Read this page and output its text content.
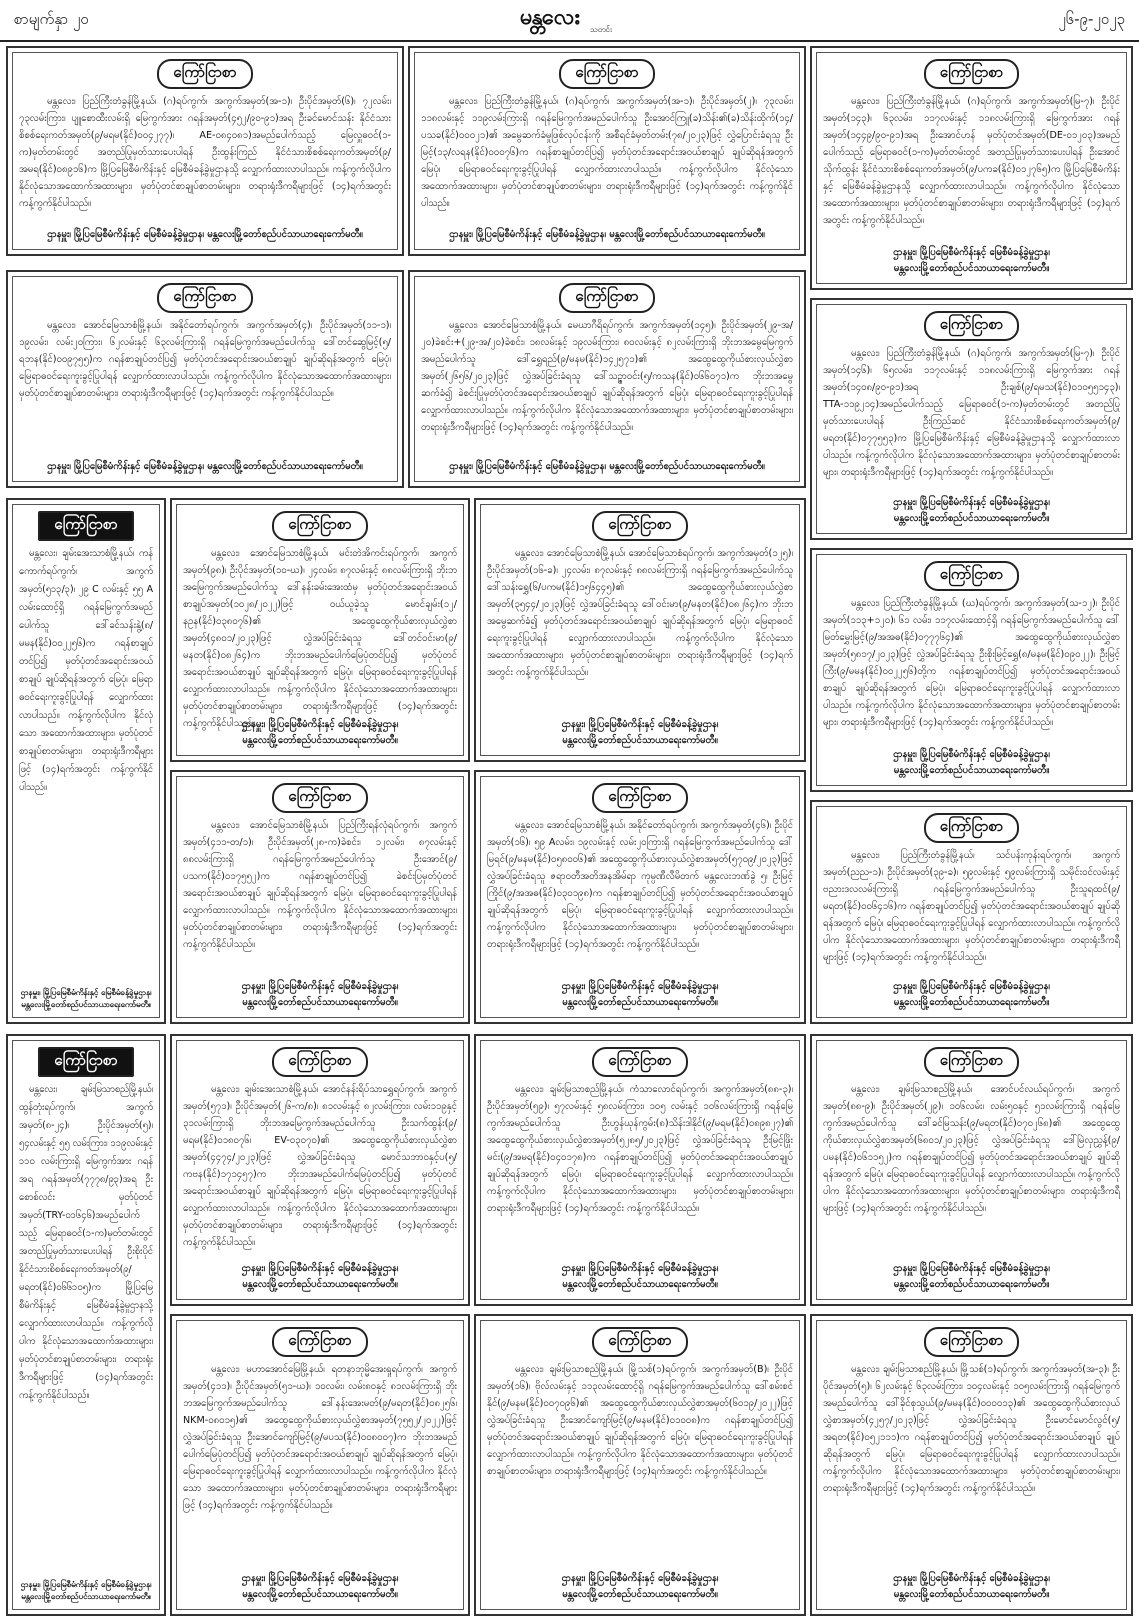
စာမျက်နှာ ၂၀	မန္တလေး သတင်း
၂၆-၉-၂၀၂၃
ကြော်ငြာစာ
မန္တလေး၊ ပြည်ကြီးတံခွန်မြို့နယ်၊ (ဂ)ရပ်ကွက်၊ အကွက်အမှတ်(အ-၁)၊ ဦးပိုင်အမှတ်(၆)၊ ၇၂လမ်း၊ ၇၃လမ်းကြား၊ ပျူစောထီးလမ်းရှိ မြေကွက်အား ဂရန်အမှတ်(၄၅၂/၉၀-၉၁)အရ ဦးခင်မောင်သန်း နိုင်ငံသားစိစစ်ရေးကတ်အမှတ်(၉/မရမ(နိုင်)၀၀၄၂၇၇)၊ AE-၀၈၄၀၈၁)အမည်ပေါက်သည့် မြေလှူဓ၀င်(၁-က)မှတ်တမ်းတွင် အတည်ပြုမှတ်သားပေးပါရန် ဦးထွန်းကြည် နိုင်ငံသားစိစစ်ရေးကတ်အမှတ်(၉/အမရ(နိုင်)၀၈၉၁၆)က မြို့ပြမြေစီမံကိန်းနှင့် မြေစီမံခန့်ခွဲမှုဌာနသို့ လျှောက်ထားလာပါသည်။ ကန့်ကွက်လိုပါက နိုင်လုံသောအထောက်အထားများ၊ မှတ်ပုံတင်စာချုပ်စာတမ်းများ၊ တရားရုံးဒီကရီများဖြင့် (၁၄)ရက်အတွင်း ကန့်ကွက်နိုင်ပါသည်။
ဌာနမှူး၊ မြို့ပြမြေစီမံကိန်းနှင့် မြေစီမံခန့်ခွဲမှုဌာန၊ မန္တလေးမြို့တော်စည်ပင်သာယာရေးကော်မတီ။
ကြော်ငြာစာ
မန္တလေး၊ ပြည်ကြီးတံခွန်မြို့နယ်၊ (ဂ)ရပ်ကွက်၊ အကွက်အမှတ်(အ-၁)၊ ဦးပိုင်အမှတ်(၂)၊ ၇၃လမ်း၊ ၁၁၈လမ်းနှင့် ၁၁၉လမ်းကြားရှိ ဂရန်မြေကွက်အမည်ပေါက်သူ ဦးအောင်ကြူ(ခ)သိန်း၏(ခ)သိန်းထိုက်(၁၄/ပသခ(နိုင်)၀၀၀၂၁)၏ အမွေဆက်ခံမှုဖြစ်လုပ်ငန်းကို အစီရင်ခံမှတ်တမ်း(၇၈/၂၀၂၃)ဖြင့် လွှဲပြောင်းခံရသူ ဦးမြင့်(၁၃/လရန(နိုင်)၀၀၀၇၆)က ဂရန်စာချုပ်တင်ပြ၍ မှတ်ပုံတင်အရောင်းအဝယ်စာချုပ် ချုပ်ဆိုရန်အတွက် မြေပုံ၊ မြေရာဓ၀င်ရေးကူးခွင့်ပြုပါရန် လျှောက်ထားလာပါသည်။ ကန့်ကွက်လိုပါက နိုင်လုံသောအထောက်အထားများ၊ မှတ်ပုံတင်စာချုပ်စာတမ်းများ၊ တရားရုံးဒီကရီများဖြင့် (၁၄)ရက်အတွင်း ကန့်ကွက်နိုင်ပါသည်။
ဌာနမှူး၊ မြို့ပြမြေစီမံကိန်းနှင့် မြေစီမံခန့်ခွဲမှုဌာန၊ မန္တလေးမြို့တော်စည်ပင်သာယာရေးကော်မတီ။
ကြော်ငြာစာ
မန္တလေး၊ ပြည်ကြီးတံခွန်မြို့နယ်၊ (ဂ)ရပ်ကွက်၊ အကွက်အမှတ်(မြ-၇)၊ ဦးပိုင်အမှတ်(၁၄၃)၊ ၆၃လမ်း၊ ၁၁၇လမ်းနှင့် ၁၁၈လမ်းကြားရှိ မြေကွက်အား ဂရန်အမှတ်(၁၄၄၉/၉၀-၉၁)အရ ဦးအောင်ဟန် မှတ်ပုံတင်အမှတ်(DE-၀၁၂၀၃)အမည်ပေါက်သည့် မြေရာဓ၀င်(၁-က)မှတ်တမ်းတွင် အတည်ပြုမှတ်သားပေးပါရန် ဦးအောင်သိုက်ထွန်း နိုင်ငံသားစိစစ်ရေးကတ်အမှတ်(၉/ပကခ(နိုင်)၀၁၂၇၆၅)က မြို့ပြမြေစီမံကိန်းနှင့် မြေစီမံခန့်ခွဲမှုဌာနသို့ လျှောက်ထားလာပါသည်။ ကန့်ကွက်လိုပါက နိုင်လုံသောအထောက်အထားများ၊ မှတ်ပုံတင်စာချုပ်စာတမ်းများ၊ တရားရုံးဒီကရီများဖြင့် (၁၄)ရက်အတွင်း ကန့်ကွက်နိုင်ပါသည်။
ဌာနမှူး၊ မြို့ပြမြေစီမံကိန်းနှင့် မြေစီမံခန့်ခွဲမှုဌာန၊
မန္တလေးမြို့တော်စည်ပင်သာယာရေးကော်မတီ။
ကြော်ငြာစာ
မန္တလေး၊ အောင်မြေသာစံမြို့နယ်၊ အနိုင်တော်ရပ်ကွက်၊ အကွက်အမှတ်(၄)၊ ဦးပိုင်အမှတ်(၁၁-၁)၊ ၁၉လမ်း၊ လမ်း၂၀ကြား၊ ၆၂လမ်းနှင့် ၆၃လမ်းကြားရှိ ဂရန်မြေကွက်အမည်ပေါက်သူ ဒေါ်တင်ဆွေမြင့်(၅/ရဘန(နိုင်)၀၀၉၇၅၅)က ဂရန်စာချုပ်တင်ပြ၍ မှတ်ပုံတင်အရောင်းအဝယ်စာချုပ် ချုပ်ဆိုရန်အတွက် မြေပုံ၊ မြေရာဓ၀င်ရေးကူးခွင့်ပြုပါရန် လျှောက်ထားလာပါသည်။ ကန့်ကွက်လိုပါက နိုင်လုံသောအထောက်အထားများ၊ မှတ်ပုံတင်စာချုပ်စာတမ်းများ၊ တရားရုံးဒီကရီများဖြင့် (၁၄)ရက်အတွင်း ကန့်ကွက်နိုင်ပါသည်။
ဌာနမှူး၊ မြို့ပြမြေစီမံကိန်းနှင့် မြေစီမံခန့်ခွဲမှုဌာန၊ မန္တလေးမြို့တော်စည်ပင်သာယာရေးကော်မတီ။
ကြော်ငြာစာ
မန္တလေး၊ အောင်မြေသာစံမြို့နယ်၊ မေဃာဂီရိရပ်ကွက်၊ အကွက်အမှတ်(၁၄၅)၊ ဦးပိုင်အမှတ်(၂၉-အ/၂၀)ခဲစင်း+(၂၉-အ/၂၀)ခဲစင်း၊ ၁၈လမ်းနှင့် ၁၉လမ်းကြား၊ ၈၀လမ်းနှင့် ၈၂လမ်းကြားရှိ ဘိုးဘအမွေမြေကွက်အမည်ပေါက်သူ ဒေါ်ရွှေရည်(၉/မနမ(နိုင်)၁၄၂၅၇၁)၏ အထွေထွေကိုယ်စားလှယ်လွှဲစာအမှတ်(၂၆၅၆/၂၀၂၃)ဖြင့် လွှဲအပ်ခြင်းခံရသူ ဒေါ်သဉ္ဇာဝင်း(၅/ကသန(နိုင်)၀၆၆၀၇၁)က ဘိုးဘအမွေဆက်ခံ၍ ခဲစင်းပြုမှတ်ပုံတင်အရောင်းအဝယ်စာချုပ် ချုပ်ဆိုရန်အတွက် မြေပုံ၊ မြေရာဓ၀င်ရေးကူးခွင့်ပြုပါရန် လျှောက်ထားလာပါသည်။ ကန့်ကွက်လိုပါက နိုင်လုံသောအထောက်အထားများ၊ မှတ်ပုံတင်စာချုပ်စာတမ်းများ၊ တရားရုံးဒီကရီများဖြင့် (၁၄)ရက်အတွင်း ကန့်ကွက်နိုင်ပါသည်။
ဌာနမှူး၊ မြို့ပြမြေစီမံကိန်းနှင့် မြေစီမံခန့်ခွဲမှုဌာန၊ မန္တလေးမြို့တော်စည်ပင်သာယာရေးကော်မတီ။
ကြော်ငြာစာ
မန္တလေး၊ ပြည်ကြီးတံခွန်မြို့နယ်၊ (ဂ)ရပ်ကွက်၊ အကွက်အမှတ်(မြ-၇)၊ ဦးပိုင်အမှတ်(၁၄၆)၊ ၆၅လမ်း၊ ၁၁၇လမ်းနှင့် ၁၁၈လမ်းကြားရှိ မြေကွက်အား ဂရန်အမှတ်(၁၄၀၈/၉၀-၉၁)အရ ဦးချစ်(၉/ရမသ(နိုင်)၀၁၀၅၅၁၄၃)၊ TTA-၁၁၉၂၁၄)အမည်ပေါက်သည့် မြေရာဓ၀င်(၁-က)မှတ်တမ်းတွင် အတည်ပြုမှတ်သားပေးပါရန် ဦးကြည်ဆင် နိုင်ငံသားစိစစ်ရေးကတ်အမှတ်(၉/မရတ(နိုင်)၀၇၇၅၅၃)က မြို့ပြမြေစီမံကိန်းနှင့် မြေစီမံခန့်ခွဲမှုဌာနသို့ လျှောက်ထားလာပါသည်။ ကန့်ကွက်လိုပါက နိုင်လုံသောအထောက်အထားများ၊ မှတ်ပုံတင်စာချုပ်စာတမ်းများ၊ တရားရုံးဒီကရီများဖြင့် (၁၄)ရက်အတွင်း ကန့်ကွက်နိုင်ပါသည်။
ဌာနမှူး၊ မြို့ပြမြေစီမံကိန်းနှင့် မြေစီမံခန့်ခွဲမှုဌာန၊
မန္တလေးမြို့တော်စည်ပင်သာယာရေးကော်မတီ။
ကြော်ငြာစာ
မန္တလေး၊ ချမ်းအေးသာစံမြို့နယ်၊ ကန်ကောက်ရပ်ကွက်၊ အကွက်အမှတ်(၅၁၃/၃)၊ ၂၉ C လမ်းနှင့် ၅၅ A လမ်းထောင့်ရှိ ဂရန်မြေကွက်အမည်ပေါက်သူ ဒေါ်ခင်သန်းနွဲ့(၈/မမန(နိုင်)၀၀၂၂၅၆)က ဂရန်စာချုပ်တင်ပြ၍ မှတ်ပုံတင်အရောင်းအဝယ်စာချုပ် ချုပ်ဆိုရန်အတွက် မြေပုံ၊ မြေရာဓ၀င်ရေးကူးခွင့်ပြုပါရန် လျှောက်ထားလာပါသည်။ ကန့်ကွက်လိုပါက နိုင်လုံသော အထောက်အထားများ၊ မှတ်ပုံတင်စာချုပ်စာတမ်းများ၊ တရားရုံးဒီကရီများဖြင့် (၁၄)ရက်အတွင်း ကန့်ကွက်နိုင်ပါသည်။
ဌာနမှူး၊ မြို့ပြမြေစီမံကိန်းနှင့် မြေစီမံခန့်ခွဲမှုဌာန၊
မန္တလေးမြို့တော်စည်ပင်သာယာရေးကော်မတီ။
ကြော်ငြာစာ
မန္တလေး၊ အောင်မြေသာစံမြို့နယ်၊ မင်းတဲအိကင်းရပ်ကွက်၊ အကွက်အမှတ်(၉၈)၊ ဦးပိုင်အမှတ်(၁၀-ဃ)၊ ၂၄လမ်း၊ ၈၇လမ်းနှင့် ၈၈လမ်းကြားရှိ ဘိုးဘအမြေကွက်အမည်ပေါက်သူ ဒေါ်နန်းခမ်းအေးထံမှ မှတ်ပုံတင်အရောင်းအဝယ်စာချုပ်အမှတ်(၁၀၂၈/၂၀၂၂)ဖြင့် ဝယ်ယူခဲ့သူ မောင်ချမ်း(၁၂/နဥန(နိုင်)၀၃၈၀၇၆)၏ အထွေထွေကိုယ်စားလှယ်လွှဲစာအမှတ်(၄၈၀၁/၂၀၂၃)ဖြင့် လွှဲအပ်ခြင်းခံရသူ ဒေါ်တင်ဝင်းမာ(၉/မနတ(နိုင်)၀၈၂၆၄)က ဘိုးဘအမည်ပေါက်မြေပုံတင်ပြ၍ မှတ်ပုံတင်အရောင်းအဝယ်စာချုပ် ချုပ်ဆိုရန်အတွက် မြေပုံ၊ မြေရာဓ၀င်ရေးကူးခွင့်ပြုပါရန် လျှောက်ထားလာပါသည်။ ကန့်ကွက်လိုပါက နိုင်လုံသောအထောက်အထားများ၊ မှတ်ပုံတင်စာချုပ်စာတမ်းများ၊ တရားရုံးဒီကရီများဖြင့် (၁၄)ရက်အတွင်း ကန့်ကွက်နိုင်ပါသည်။
ဌာနမှူး၊ မြို့ပြမြေစီမံကိန်းနှင့် မြေစီမံခန့်ခွဲမှုဌာန၊
မန္တလေးမြို့တော်စည်ပင်သာယာရေးကော်မတီ။
ကြော်ငြာစာ
မန္တလေး၊ အောင်မြေသာစံမြို့နယ်၊ အောင်မြေသာစံရပ်ကွက်၊ အကွက်အမှတ်(၁၂၅)၊ ဦးပိုင်အမှတ်(၁၆-ခ)၊ ၂၄လမ်း၊ ၈၇လမ်းနှင့် ၈၈လမ်းကြားရှိ ဂရန်မြေကွက်အမည်ပေါက်သူ ဒေါ်သန်းရွှေ(၆/ပကမ(နိုင်)၁၅၆၄၄၅)၏ အထွေထွေကိုယ်စားလှယ်လွှဲစာအမှတ်(၃၅၄၄/၂၀၂၃)ဖြင့် လွှဲအပ်ခြင်းခံရသူ ဒေါ်ဝင်းမာ(၉/မနတ(နိုင်)၀၈၂၆၄)က ဘိုးဘအမွေဆက်ခံ၍ မှတ်ပုံတင်အရောင်းအဝယ်စာချုပ် ချုပ်ဆိုရန်အတွက် မြေပုံ၊ မြေရာဓ၀င်ရေးကူးခွင့်ပြုပါရန် လျှောက်ထားလာပါသည်။ ကန့်ကွက်လိုပါက နိုင်လုံသောအထောက်အထားများ၊ မှတ်ပုံတင်စာချုပ်စာတမ်းများ၊ တရားရုံးဒီကရီများဖြင့် (၁၄)ရက်အတွင်း ကန့်ကွက်နိုင်ပါသည်။
ဌာနမှူး၊ မြို့ပြမြေစီမံကိန်းနှင့် မြေစီမံခန့်ခွဲမှုဌာန၊
မန္တလေးမြို့တော်စည်ပင်သာယာရေးကော်မတီ။
ကြော်ငြာစာ
မန္တလေး၊ ပြည်ကြီးတံခွန်မြို့နယ်၊ (ဃ)ရပ်ကွက်၊ အကွက်အမှတ်(သ-၁၂)၊ ဦးပိုင်အမှတ်(၁၁၃+၁၂၀)၊ ၆၁ လမ်း၊ ၁၁၇လမ်းထောင့်ရှိ ဂရန်မြေကွက်အမည်ပေါက်သူ ဒေါ်မြတ်မွှေးမြင့်(၉/အအဓ(နိုင်)၀၇၇၇၆၄)၏ အထွေထွေကိုယ်စားလှယ်လွှဲစာအမှတ်(၅၈၁၇/၂၀၂၃)ဖြင့် လွှဲအပ်ခြင်းခံရသူ ဦးစိုးမြင့်ရွှေ(၈/မနမ(နိုင်)၀၉၀၂၂)၊ ဦးမြင့်ကြီး(၉/မမန(နိုင်)၀၀၂၂၅၆)တို့က ဂရန်စာချုပ်တင်ပြ၍ မှတ်ပုံတင်အရောင်းအဝယ်စာချုပ် ချုပ်ဆိုရန်အတွက် မြေပုံ၊ မြေရာဓ၀င်ရေးကူးခွင့်ပြုပါရန် လျှောက်ထားလာပါသည်။ ကန့်ကွက်လိုပါက နိုင်လုံသောအထောက်အထားများ၊ မှတ်ပုံတင်စာချုပ်စာတမ်းများ၊ တရားရုံးဒီကရီများဖြင့် (၁၄)ရက်အတွင်း ကန့်ကွက်နိုင်ပါသည်။
ဌာနမှူး၊ မြို့ပြမြေစီမံကိန်းနှင့် မြေစီမံခန့်ခွဲမှုဌာန၊
မန္တလေးမြို့တော်စည်ပင်သာယာရေးကော်မတီ။
ကြော်ငြာစာ
မန္တလေး၊ အောင်မြေသာစံမြို့နယ်၊ ပြည်ကြီးရန်လုံရပ်ကွက်၊ အကွက်အမှတ်(၄၁၁-တ/၁)၊ ဦးပိုင်အမှတ်(၂၈-က)ခဲစင်း၊ ၁၂လမ်း၊ ၈၇လမ်းနှင့် ၈၈လမ်းကြားရှိ ဂရန်မြေကွက်အမည်ပေါက်သူ ဦးအောင်(၉/ပသက(နိုင်)၀၁၇၅၅၂)က ဂရန်စာချုပ်တင်ပြ၍ ခဲစင်းပြမှတ်ပုံတင်အရောင်းအဝယ်စာချုပ် ချုပ်ဆိုရန်အတွက် မြေပုံ၊ မြေရာဓ၀င်ရေးကူးခွင့်ပြုပါရန် လျှောက်ထားလာပါသည်။ ကန့်ကွက်လိုပါက နိုင်လုံသောအထောက်အထားများ၊ မှတ်ပုံတင်စာချုပ်စာတမ်းများ၊ တရားရုံးဒီကရီများဖြင့် (၁၄)ရက်အတွင်း ကန့်ကွက်နိုင်ပါသည်။
ဌာနမှူး၊ မြို့ပြမြေစီမံကိန်းနှင့် မြေစီမံခန့်ခွဲမှုဌာန၊
မန္တလေးမြို့တော်စည်ပင်သာယာရေးကော်မတီ။
ကြော်ငြာစာ
မန္တလေး၊ အောင်မြေသာစံမြို့နယ်၊ အနိုင်တော်ရပ်ကွက်၊ အကွက်အမှတ်(၄၆)၊ ဦးပိုင်အမှတ်(၁၆)၊ ၅၉ Aလမ်း၊ ၁၉လမ်းနှင့် လမ်း၂၀ကြားရှိ ဂရန်မြေကွက်အမည်ပေါက်သူ ဒေါ်မြရင်(၉/မနမ(နိုင်)၀၅၈၀၀၆)၏ အထွေထွေကိုယ်စားလှယ်လွှဲစာအမှတ်(၅၇၀၉/၂၀၂၃)ဖြင့် လွှဲအပ်ခြင်းခံရသူ ဇရာဝတီအတိအနအိမ်ရာ ကုမ္ပဏီလီမိတက် မန္တလေးဘဏ်ခွဲ ၅၊ ဦးမြင့်ကြိုင်(၉/အအဓ(နိုင်)၀၃၀၁၉၈)က ဂရန်စာချုပ်တင်ပြ၍ မှတ်ပုံတင်အရောင်းအဝယ်စာချုပ် ချုပ်ဆိုရန်အတွက် မြေပုံ၊ မြေရာဓ၀င်ရေးကူးခွင့်ပြုပါရန် လျှောက်ထားလာပါသည်။ ကန့်ကွက်လိုပါက နိုင်လုံသောအထောက်အထားများ၊ မှတ်ပုံတင်စာချုပ်စာတမ်းများ၊ တရားရုံးဒီကရီများဖြင့် (၁၄)ရက်အတွင်း ကန့်ကွက်နိုင်ပါသည်။
ဌာနမှူး၊ မြို့ပြမြေစီမံကိန်းနှင့် မြေစီမံခန့်ခွဲမှုဌာန၊
မန္တလေးမြို့တော်စည်ပင်သာယာရေးကော်မတီ။
ကြော်ငြာစာ
မန္တလေး၊ ပြည်ကြီးတံခွန်မြို့နယ်၊ သင်ပန်းကုန်းရပ်ကွက်၊ အကွက်အမှတ်(ညည-၁)၊ ဦးပိုင်အမှတ်(၃၉-ခ)၊ ၅၉လမ်းနှင့် ၅၉လမ်းကြားရှိ သမိုင်းဝင်လမ်းနှင့် ဗညားဒလလမ်းကြားရှိ ဂရန်မြေကွက်အမည်ပေါက်သူ ဦးသူရထင်(၉/မရတ(နိုင်)၀၀၆၄၁၆)က ဂရန်စာချုပ်တင်ပြ၍ မှတ်ပုံတင်အရောင်းအဝယ်စာချုပ် ချုပ်ဆိုရန်အတွက် မြေပုံ၊ မြေရာဓ၀င်ရေးကူးခွင့်ပြုပါရန် လျှောက်ထားလာပါသည်။ ကန့်ကွက်လိုပါက နိုင်လုံသောအထောက်အထားများ၊ မှတ်ပုံတင်စာချုပ်စာတမ်းများ၊ တရားရုံးဒီကရီများဖြင့် (၁၄)ရက်အတွင်း ကန့်ကွက်နိုင်ပါသည်။
ဌာနမှူး၊ မြို့ပြမြေစီမံကိန်းနှင့် မြေစီမံခန့်ခွဲမှုဌာန၊
မန္တလေးမြို့တော်စည်ပင်သာယာရေးကော်မတီ။
ကြော်ငြာစာ
မန္တလေး၊ ချမ်းမြသာစည်မြို့နယ်၊ ထွန်တုံးရပ်ကွက်၊ အကွက်အမှတ်(၈-၂၄)၊ ဦးပိုင်အမှတ်(၅)၊ ၅၄လမ်းနှင့် ၅၅ လမ်းကြား၊ ၁၁၉လမ်းနှင့် ၁၁၀ လမ်းကြားရှိ မြေကွက်အား ဂရန်အရ ဂရန်အမှတ်(၇၇၇၈/၉၃)အရ ဦးစောစ်လင်း မှတ်ပုံတင်အမှတ်(TRY-၀၁၆၄၆)အမည်ပေါက်သည့် မြေရာဓ၀င်(၁-က)မှတ်တမ်းတွင် အတည်ပြုမှတ်သားပေးပါရန် ဦးစိုးပိုင် နိုင်ငံသားစိစစ်ရေးကတ်အမှတ်(၉/မရတ(နိုင်)၀၆၆၁၀၅)က မြို့ပြမြေစီမံကိန်းနှင့် မြေစီမံခန့်ခွဲမှုဌာနသို့ လျှောက်ထားလာပါသည်။ ကန့်ကွက်လိုပါက နိုင်လုံသောအထောက်အထားများ၊ မှတ်ပုံတင်စာချုပ်စာတမ်းများ၊ တရားရုံးဒီကရီများဖြင့် (၁၄)ရက်အတွင်း ကန့်ကွက်နိုင်ပါသည်။
ဌာနမှူး၊ မြို့ပြမြေစီမံကိန်းနှင့် မြေစီမံခန့်ခွဲမှုဌာန၊
မန္တလေးမြို့တော်စည်ပင်သာယာရေးကော်မတီ။
ကြော်ငြာစာ
မန္တလေး၊ ချမ်းအေးသာစံမြို့နယ်၊ အောင်နန်းရိပ်သာရွှေရပ်ကွက်၊ အကွက်အမှတ်(၅၇၁)၊ ဦးပိုင်အမှတ်(၂၆-က/၈)၊ ၈၁လမ်းနှင့် ၈၂လမ်းကြား၊ လမ်း၁၁၉နှင့် ၃၁လမ်းကြားရှိ ဘိုးဘအမြေကွက်အမည်ပေါက်သူ ဦးသက်ထွန်း(၉/မရမ(နိုင်)၀၁၈၀၇၆၊ EV-၀၃၀၇၀)၏ အထွေထွေကိုယ်စားလှယ်လွှဲစာအမှတ်(၄၄၇၄/၂၀၂၃)ဖြင့် လွှဲအပ်ခြင်းခံရသူ မောင်သဘာဝနှင့်ပ(၅/ကဗန(နိုင်)၁၇၁၄၅၇)က ဘိုးဘအမည်ပေါက်မြေပုံတင်ပြ၍ မှတ်ပုံတင်အရောင်းအဝယ်စာချုပ် ချုပ်ဆိုရန်အတွက် မြေပုံ၊ မြေရာဓ၀င်ရေးကူးခွင့်ပြုပါရန် လျှောက်ထားလာပါသည်။ ကန့်ကွက်လိုပါက နိုင်လုံသောအထောက်အထားများ၊ မှတ်ပုံတင်စာချုပ်စာတမ်းများ၊ တရားရုံးဒီကရီများဖြင့် (၁၄)ရက်အတွင်း ကန့်ကွက်နိုင်ပါသည်။
ဌာနမှူး၊ မြို့ပြမြေစီမံကိန်းနှင့် မြေစီမံခန့်ခွဲမှုဌာန၊
မန္တလေးမြို့တော်စည်ပင်သာယာရေးကော်မတီ။
ကြော်ငြာစာ
မန္တလေး၊ ချမ်းမြသာစည်မြို့နယ်၊ ကံသာလောင်ရပ်ကွက်၊ အကွက်အမှတ်(၈၈-၃)၊ ဦးပိုင်အမှတ်(၅၉)၊ ၅၇လမ်းနှင့် ၅၈လမ်းကြား၊ ၁၀၅ လမ်းနှင့် ၁၀၆လမ်းကြားရှိ ဂရန်မြေကွက်အမည်ပေါက်သူ ဦးဟွန်ယုန်ကွမ်း(၈)သိန်းဒါနိုင်(၉/မရမ(နိုင်)၀၈၉၈၂၇)၏ အထွေထွေကိုယ်စားလှယ်လွှဲစာအမှတ်(၅၂၈၅/၂၀၂၃)ဖြင့် လွှဲအပ်ခြင်းခံရသူ ဦးမြင့်ဖြိုးမင်း(၉/အမရ(နိုင်)၀၄၀၁၇၈)က ဂရန်စာချုပ်တင်ပြ၍ မှတ်ပုံတင်အရောင်းအဝယ်စာချုပ် ချုပ်ဆိုရန်အတွက် မြေပုံ၊ မြေရာဓ၀င်ရေးကူးခွင့်ပြုပါရန် လျှောက်ထားလာပါသည်။ ကန့်ကွက်လိုပါက နိုင်လုံသောအထောက်အထားများ၊ မှတ်ပုံတင်စာချုပ်စာတမ်းများ၊ တရားရုံးဒီကရီများဖြင့် (၁၄)ရက်အတွင်း ကန့်ကွက်နိုင်ပါသည်။
ဌာနမှူး၊ မြို့ပြမြေစီမံကိန်းနှင့် မြေစီမံခန့်ခွဲမှုဌာန၊
မန္တလေးမြို့တော်စည်ပင်သာယာရေးကော်မတီ။
ကြော်ငြာစာ
မန္တလေး၊ ချမ်းမြသာစည်မြို့နယ်၊ အောင်ပင်လယ်ရပ်ကွက်၊ အကွက်အမှတ်(၈၈-၉)၊ ဦးပိုင်အမှတ်(၂၉)၊ ၁၀၆လမ်း၊ လမ်း၅၀နှင့် ၅၁လမ်းကြားရှိ ဂရန်မြေကွက်အမည်ပေါက်သူ ဒေါ်ခင်မြသန်း(၉/မရတ(နိုင်)၀၇၀၂၆၈)၏ အထွေထွေကိုယ်စားလှယ်လွှဲစာအမှတ်(၆၈၀၁/၂၀၂၃)ဖြင့် လွှဲအပ်ခြင်းခံရသူ ဒေါ်မြဲလှညွှန့်(၉/ပမန(နိုင်)၀၆၁၁၅၂)က ဂရန်စာချုပ်တင်ပြ၍ မှတ်ပုံတင်အရောင်းအဝယ်စာချုပ် ချုပ်ဆိုရန်အတွက် မြေပုံ၊ မြေရာဓ၀င်ရေးကူးခွင့်ပြုပါရန် လျှောက်ထားလာပါသည်။ ကန့်ကွက်လိုပါက နိုင်လုံသောအထောက်အထားများ၊ မှတ်ပုံတင်စာချုပ်စာတမ်းများ၊ တရားရုံးဒီကရီများဖြင့် (၁၄)ရက်အတွင်း ကန့်ကွက်နိုင်ပါသည်။
ဌာနမှူး၊ မြို့ပြမြေစီမံကိန်းနှင့် မြေစီမံခန့်ခွဲမှုဌာန၊
မန္တလေးမြို့တော်စည်ပင်သာယာရေးကော်မတီ။
ကြော်ငြာစာ
မန္တလေး၊ မဟာအောင်မြေမြို့နယ်၊ ရတနာဘုမ္မိအေးရှုရပ်ကွက်၊ အကွက်အမှတ်(၄၁၁)၊ ဦးပိုင်အမှတ်(၅၁-ဃ)၊ ၁၀လမ်း၊ လမ်း၈၀နှင့် ၈၁လမ်းကြားရှိ ဘိုးဘအမြေကွက်အမည်ပေါက်သူ ဒေါ်နန်းအေးမတ်(၉/မရတ(နိုင်)၀၈၂၅၆၊ NKM-၀၈၀၁၅)၏ အထွေထွေကိုယ်စားလှယ်လွှဲစာအမှတ်(၇၅၅၂/၂၀၂၂)ဖြင့် လွှဲအပ်ခြင်းခံရသူ ဦးအောင်ကျော်မြင့်(၉/မပသ(နိုင်)၀၀၈၀၀၇)က ဘိုးဘအမည်ပေါက်မြေပုံတင်ပြ၍ မှတ်ပုံတင်အရောင်းအဝယ်စာချုပ် ချုပ်ဆိုရန်အတွက် မြေပုံ၊ မြေရာဓ၀င်ရေးကူးခွင့်ပြုပါရန် လျှောက်ထားလာပါသည်။ ကန့်ကွက်လိုပါက နိုင်လုံသော အထောက်အထားများ၊ မှတ်ပုံတင်စာချုပ်စာတမ်းများ၊ တရားရုံးဒီကရီများဖြင့် (၁၄)ရက်အတွင်း ကန့်ကွက်နိုင်ပါသည်။
ဌာနမှူး၊ မြို့ပြမြေစီမံကိန်းနှင့် မြေစီမံခန့်ခွဲမှုဌာန၊
မန္တလေးမြို့တော်စည်ပင်သာယာရေးကော်မတီ။
ကြော်ငြာစာ
မန္တလေး၊ ချမ်းမြသာစည်မြို့နယ်၊ မြို့သစ်(၁)ရပ်ကွက်၊ အကွက်အမှတ်(B)၊ ဦးပိုင်အမှတ်(၁၆)၊ ဗိုလ်လမ်းနှင့် ၁၁၃လမ်းထောင့်ရှိ ဂရန်မြေကွက်အမည်ပေါက်သူ ဒေါ်စမ်းစင်နိုင်(၉/မနမ(နိုင်)၀၀၇၀၉၆)၏ အထွေထွေကိုယ်စားလှယ်လွှဲစာအမှတ်(၆၀၁၉/၂၀၂၂)ဖြင့် လွှဲအပ်ခြင်းခံရသူ ဦးအောင်ကျော်မြင့်(၉/မနမ(နိုင်)၀၁၀၀၈)က ဂရန်စာချုပ်တင်ပြ၍ မှတ်ပုံတင်အရောင်းအဝယ်စာချုပ် ချုပ်ဆိုရန်အတွက် မြေပုံ၊ မြေရာဓ၀င်ရေးကူးခွင့်ပြုပါရန် လျှောက်ထားလာပါသည်။ ကန့်ကွက်လိုပါက နိုင်လုံသောအထောက်အထားများ၊ မှတ်ပုံတင်စာချုပ်စာတမ်းများ၊ တရားရုံးဒီကရီများဖြင့် (၁၄)ရက်အတွင်း ကန့်ကွက်နိုင်ပါသည်။
ဌာနမှူး၊ မြို့ပြမြေစီမံကိန်းနှင့် မြေစီမံခန့်ခွဲမှုဌာန၊
မန္တလေးမြို့တော်စည်ပင်သာယာရေးကော်မတီ။
ကြော်ငြာစာ
မန္တလေး၊ ချမ်းမြသာစည်မြို့နယ်၊ မြို့သစ်(၁)ရပ်ကွက်၊ အကွက်အမှတ်(အ-၃)၊ ဦးပိုင်အမှတ်(၅)၊ ၆၂လမ်းနှင့် ၆၃လမ်းကြား၊ ၁၀၄လမ်းနှင့် ၁၀၅လမ်းကြားရှိ ဂရန်မြေကွက်အမည်ပေါက်သူ ဒေါ်ခိုင်စုသွယ်(၉/မမန(နိုင်)၀၀၀၀၁၃)၏ အထွေထွေကိုယ်စားလှယ်လွှဲစာအမှတ်(၄၂၅၇/၂၀၂၃)ဖြင့် လွှဲအပ်ခြင်းခံရသူ ဦးမောင်မောင်လွင်(၅/အရတ(နိုင်)၀၅၂၁၁၁)က ဂရန်စာချုပ်တင်ပြ၍ မှတ်ပုံတင်အရောင်းအဝယ်စာချုပ် ချုပ်ဆိုရန်အတွက် မြေပုံ၊ မြေရာဓ၀င်ရေးကူးခွင့်ပြုပါရန် လျှောက်ထားလာပါသည်။ ကန့်ကွက်လိုပါက နိုင်လုံသောအထောက်အထားများ၊ မှတ်ပုံတင်စာချုပ်စာတမ်းများ၊ တရားရုံးဒီကရီများဖြင့် (၁၄)ရက်အတွင်း ကန့်ကွက်နိုင်ပါသည်။
ဌာနမှူး၊ မြို့ပြမြေစီမံကိန်းနှင့် မြေစီမံခန့်ခွဲမှုဌာန၊
မန္တလေးမြို့တော်စည်ပင်သာယာရေးကော်မတီ။
